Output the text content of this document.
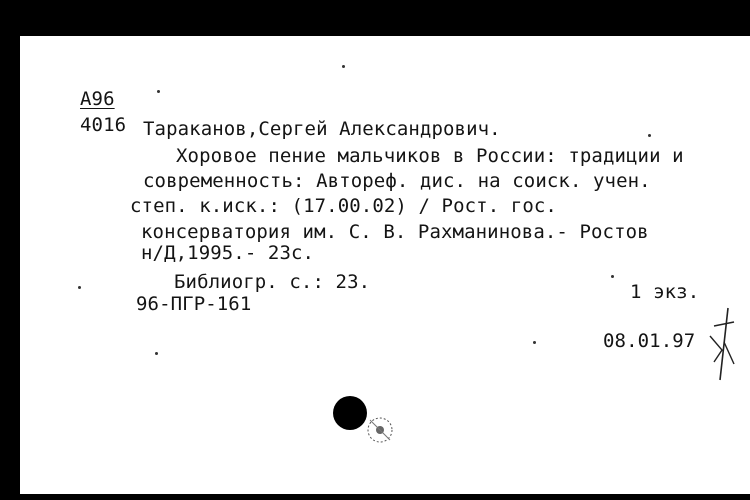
А96
4016 Тараканов,Сергей Александрович.
Хоровое пение мальчиков в России: традиции и
современность: Автореф. дис. на соиск. учен.
степ. к.иск.: (17.00.02) / Рост. гос.
консерватория им. С. В. Рахманинова.- Ростов
н/Д,1995.- 23с.
Библиогр. с.: 23.	1 экз.
96-ПГР-161
08.01.97
